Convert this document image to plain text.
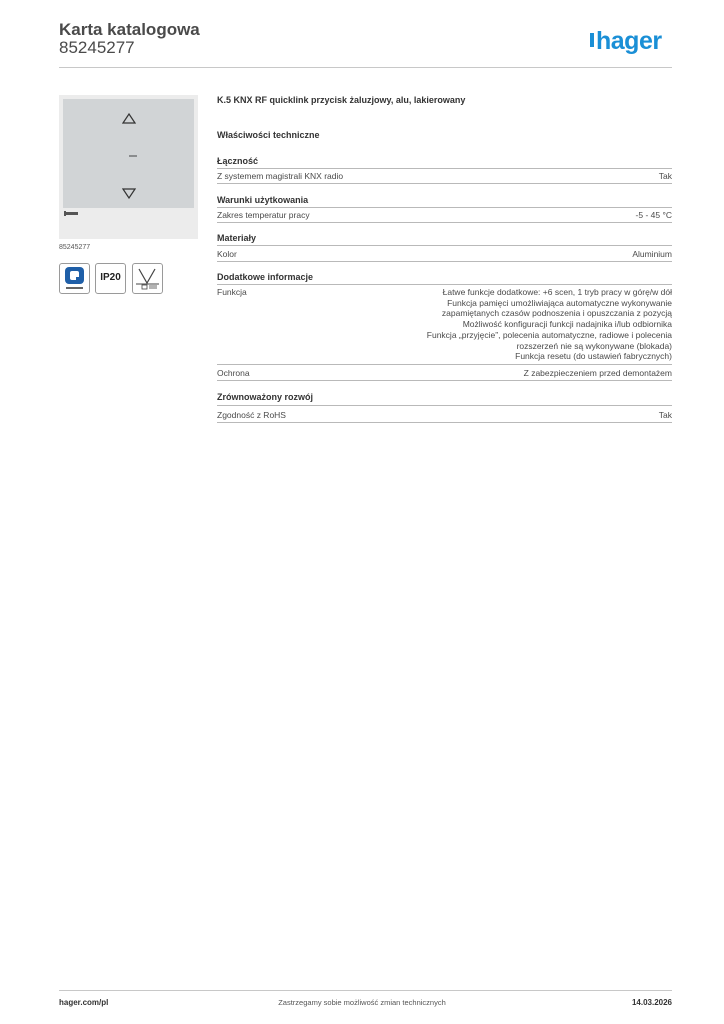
Karta katalogowa
85245277	hager
85245277
IP20
K.5 KNX RF quicklink przycisk żaluzjowy, alu, lakierowany
Właściwości techniczne
Łączność
Z systemem magistrali KNX radio	Tak
Warunki użytkowania
Zakres temperatur pracy	-5 - 45 °C
Materiały
Kolor	Aluminium
Dodatkowe informacje
Funkcja	Łatwe funkcje dodatkowe: +6 scen, 1 tryb pracy w górę/w dół
Funkcja pamięci umożliwiająca automatyczne wykonywanie
zapamiętanych czasów podnoszenia i opuszczania z pozycją
Możliwość konfiguracji funkcji nadajnika i/lub odbiornika
Funkcja „przyjęcie”, polecenia automatyczne, radiowe i polecenia
rozszerzeń nie są wykonywane (blokada)
Funkcja resetu (do ustawień fabrycznych)
Ochrona	Z zabezpieczeniem przed demontażem
Zrównoważony rozwój
Zgodność z RoHS	Tak
hager.com/pl	Zastrzegamy sobie możliwość zmian technicznych	14.03.2026
